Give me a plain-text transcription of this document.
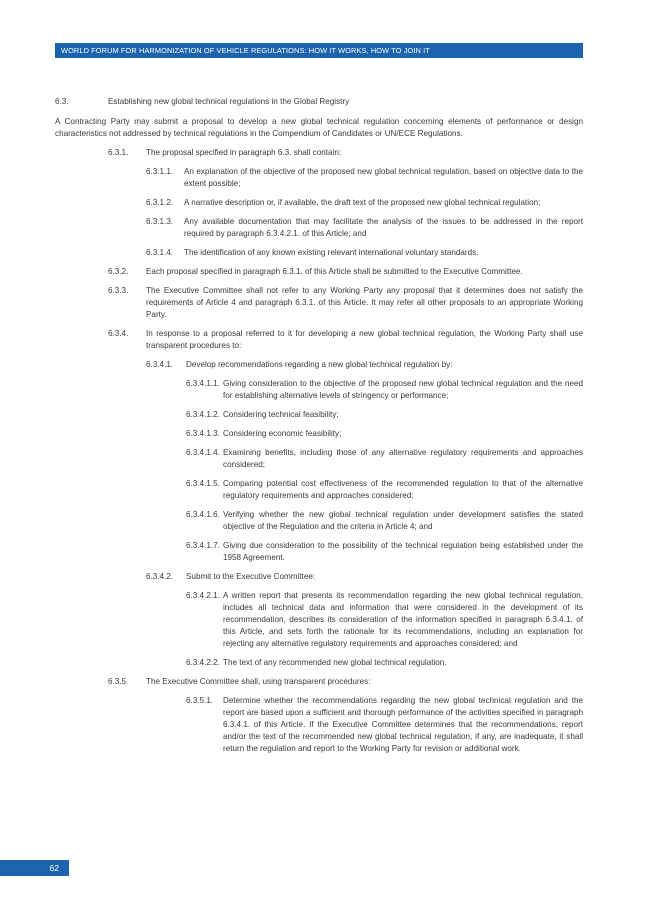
WORLD FORUM FOR HARMONIZATION OF VEHICLE REGULATIONS: HOW IT WORKS, HOW TO JOIN IT
6.3.	Establishing new global technical regulations in the Global Registry
A Contracting Party may submit a proposal to develop a new global technical regulation concerning elements of performance or design characteristics not addressed by technical regulations in the Compendium of Candidates or UN/ECE Regulations.
6.3.1. The proposal specified in paragraph 6.3. shall contain:
6.3.1.1. An explanation of the objective of the proposed new global technical regulation, based on objective data to the extent possible;
6.3.1.2. A narrative description or, if available, the draft text of the proposed new global technical regulation;
6.3.1.3. Any available documentation that may facilitate the analysis of the issues to be addressed in the report required by paragraph 6.3.4.2.1. of this Article; and
6.3.1.4. The identification of any known existing relevant international voluntary standards.
6.3.2. Each proposal specified in paragraph 6.3.1. of this Article shall be submitted to the Executive Committee.
6.3.3. The Executive Committee shall not refer to any Working Party any proposal that it determines does not satisfy the requirements of Article 4 and paragraph 6.3.1. of this Article. It may refer all other proposals to an appropriate Working Party.
6.3.4. In response to a proposal referred to it for developing a new global technical regulation, the Working Party shall use transparent procedures to:
6.3.4.1. Develop recommendations regarding a new global technical regulation by:
6.3.4.1.1. Giving consideration to the objective of the proposed new global technical regulation and the need for establishing alternative levels of stringency or performance;
6.3.4.1.2. Considering technical feasibility;
6.3.4.1.3. Considering economic feasibility;
6.3.4.1.4. Examining benefits, including those of any alternative regulatory requirements and approaches considered;
6.3.4.1.5. Comparing potential cost effectiveness of the recommended regulation to that of the alternative regulatory requirements and approaches considered;
6.3.4.1.6. Verifying whether the new global technical regulation under development satisfies the stated objective of the Regulation and the criteria in Article 4; and
6.3.4.1.7. Giving due consideration to the possibility of the technical regulation being established under the 1958 Agreement.
6.3.4.2. Submit to the Executive Committee:
6.3.4.2.1. A written report that presents its recommendation regarding the new global technical regulation, includes all technical data and information that were considered in the development of its recommendation, describes its consideration of the information specified in paragraph 6.3.4.1. of this Article, and sets forth the rationale for its recommendations, including an explanation for rejecting any alternative regulatory requirements and approaches considered; and
6.3.4.2.2. The text of any recommended new global technical regulation.
6.3.5 The Executive Committee shall, using transparent procedures:
6.3.5.1. Determine whether the recommendations regarding the new global technical regulation and the report are based upon a sufficient and thorough performance of the activities specified in paragraph 6.3.4.1. of this Article. If the Executive Committee determines that the recommendations, report and/or the text of the recommended new global technical regulation, if any, are inadequate, it shall return the regulation and report to the Working Party for revision or additional work.
62
